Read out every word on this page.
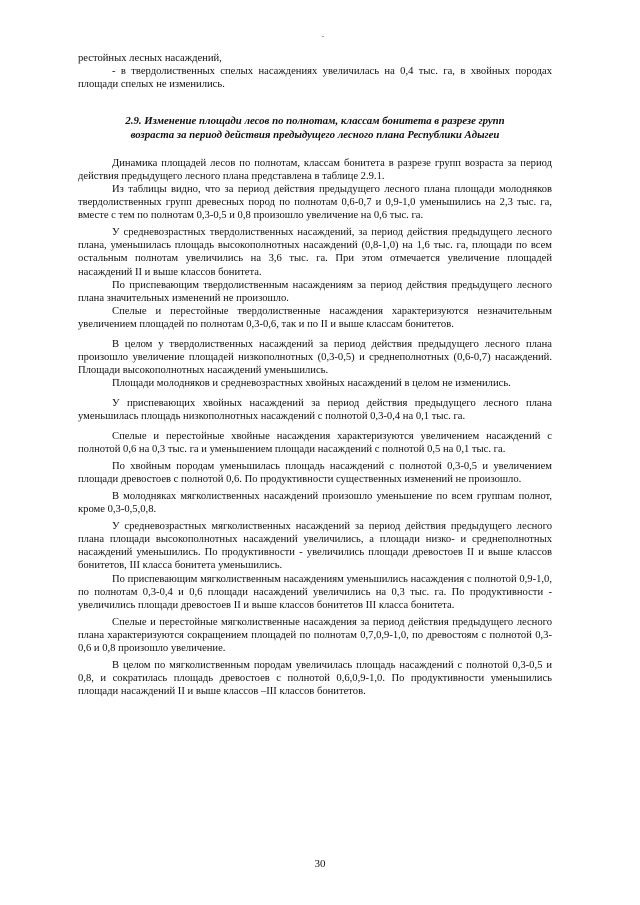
рестойных лесных насаждений,
- в твердолиственных спелых насаждениях увеличилась на 0,4 тыс. га, в хвойных породах площади спелых не изменились.
2.9. Изменение площади лесов по полнотам, классам бонитета в разрезе групп
возраста за период действия предыдущего лесного плана Республики Адыгеи
Динамика площадей лесов по полнотам, классам бонитета в разрезе групп возраста за период действия предыдущего лесного плана представлена в таблице 2.9.1.
Из таблицы видно, что за период действия предыдущего лесного плана площади молодняков твердолиственных групп древесных пород по полнотам 0,6-0,7 и 0,9-1,0 уменьшились на 2,3 тыс. га, вместе с тем по полнотам 0,3-0,5 и 0,8 произошло увеличение на 0,6 тыс. га.
У средневозрастных твердолиственных насаждений, за период действия предыдущего лесного плана, уменьшилась площадь высокополнотных насаждений (0,8-1,0) на 1,6 тыс. га, площади по всем остальным полнотам увеличились на 3,6 тыс. га. При этом отмечается увеличение площадей насаждений II и выше классов бонитета.
По приспевающим твердолиственным насаждениям за период действия предыдущего лесного плана значительных изменений не произошло.
Спелые и перестойные твердолиственные насаждения характеризуются незначительным увеличением площадей по полнотам 0,3-0,6, так и по II и выше классам бонитетов.
В целом у твердолиственных насаждений за период действия предыдущего лесного плана произошло увеличение площадей низкополнотных (0,3-0,5) и среднеполнотных (0,6-0,7) насаждений. Площади высокополнотных насаждений уменьшились.
Площади молодняков и средневозрастных хвойных насаждений в целом не изменились.
У приспевающих хвойных насаждений за период действия предыдущего лесного плана уменьшилась площадь низкополнотных насаждений с полнотой 0,3-0,4 на 0,1 тыс. га.
Спелые и перестойные хвойные насаждения характеризуются увеличением насаждений с полнотой 0,6 на 0,3 тыс. га и уменьшением площади насаждений с полнотой 0,5 на 0,1 тыс. га.
По хвойным породам уменьшилась площадь насаждений с полнотой 0,3-0,5 и увеличением площади древостоев с полнотой 0,6. По продуктивности существенных изменений не произошло.
В молодняках мягколиственных насаждений произошло уменьшение по всем группам полнот, кроме 0,3-0,5,0,8.
У средневозрастных мягколиственных насаждений за период действия предыдущего лесного плана площади высокополнотных насаждений увеличились, а площади низко- и среднеполнотных насаждений уменьшились. По продуктивности - увеличились площади древостоев II и выше классов бонитетов, III класса бонитета уменьшились.
По приспевающим мягколиственным насаждениям уменьшились насаждения с полнотой 0,9-1,0, по полнотам 0,3-0,4 и 0,6 площади насаждений увеличились на 0,3 тыс. га. По продуктивности - увеличились площади древостоев II и выше классов бонитетов III класса бонитета.
Спелые и перестойные мягколиственные насаждения за период действия предыдущего лесного плана характеризуются сокращением площадей по полнотам 0,7,0,9-1,0, по древостоям с полнотой 0,3-0,6 и 0,8 произошло увеличение.
В целом по мягколиственным породам увеличилась площадь насаждений с полнотой 0,3-0,5 и 0,8, и сократилась площадь древостоев с полнотой 0,6,0,9-1,0. По продуктивности уменьшились площади насаждений II и выше классов –III классов бонитетов.
30
